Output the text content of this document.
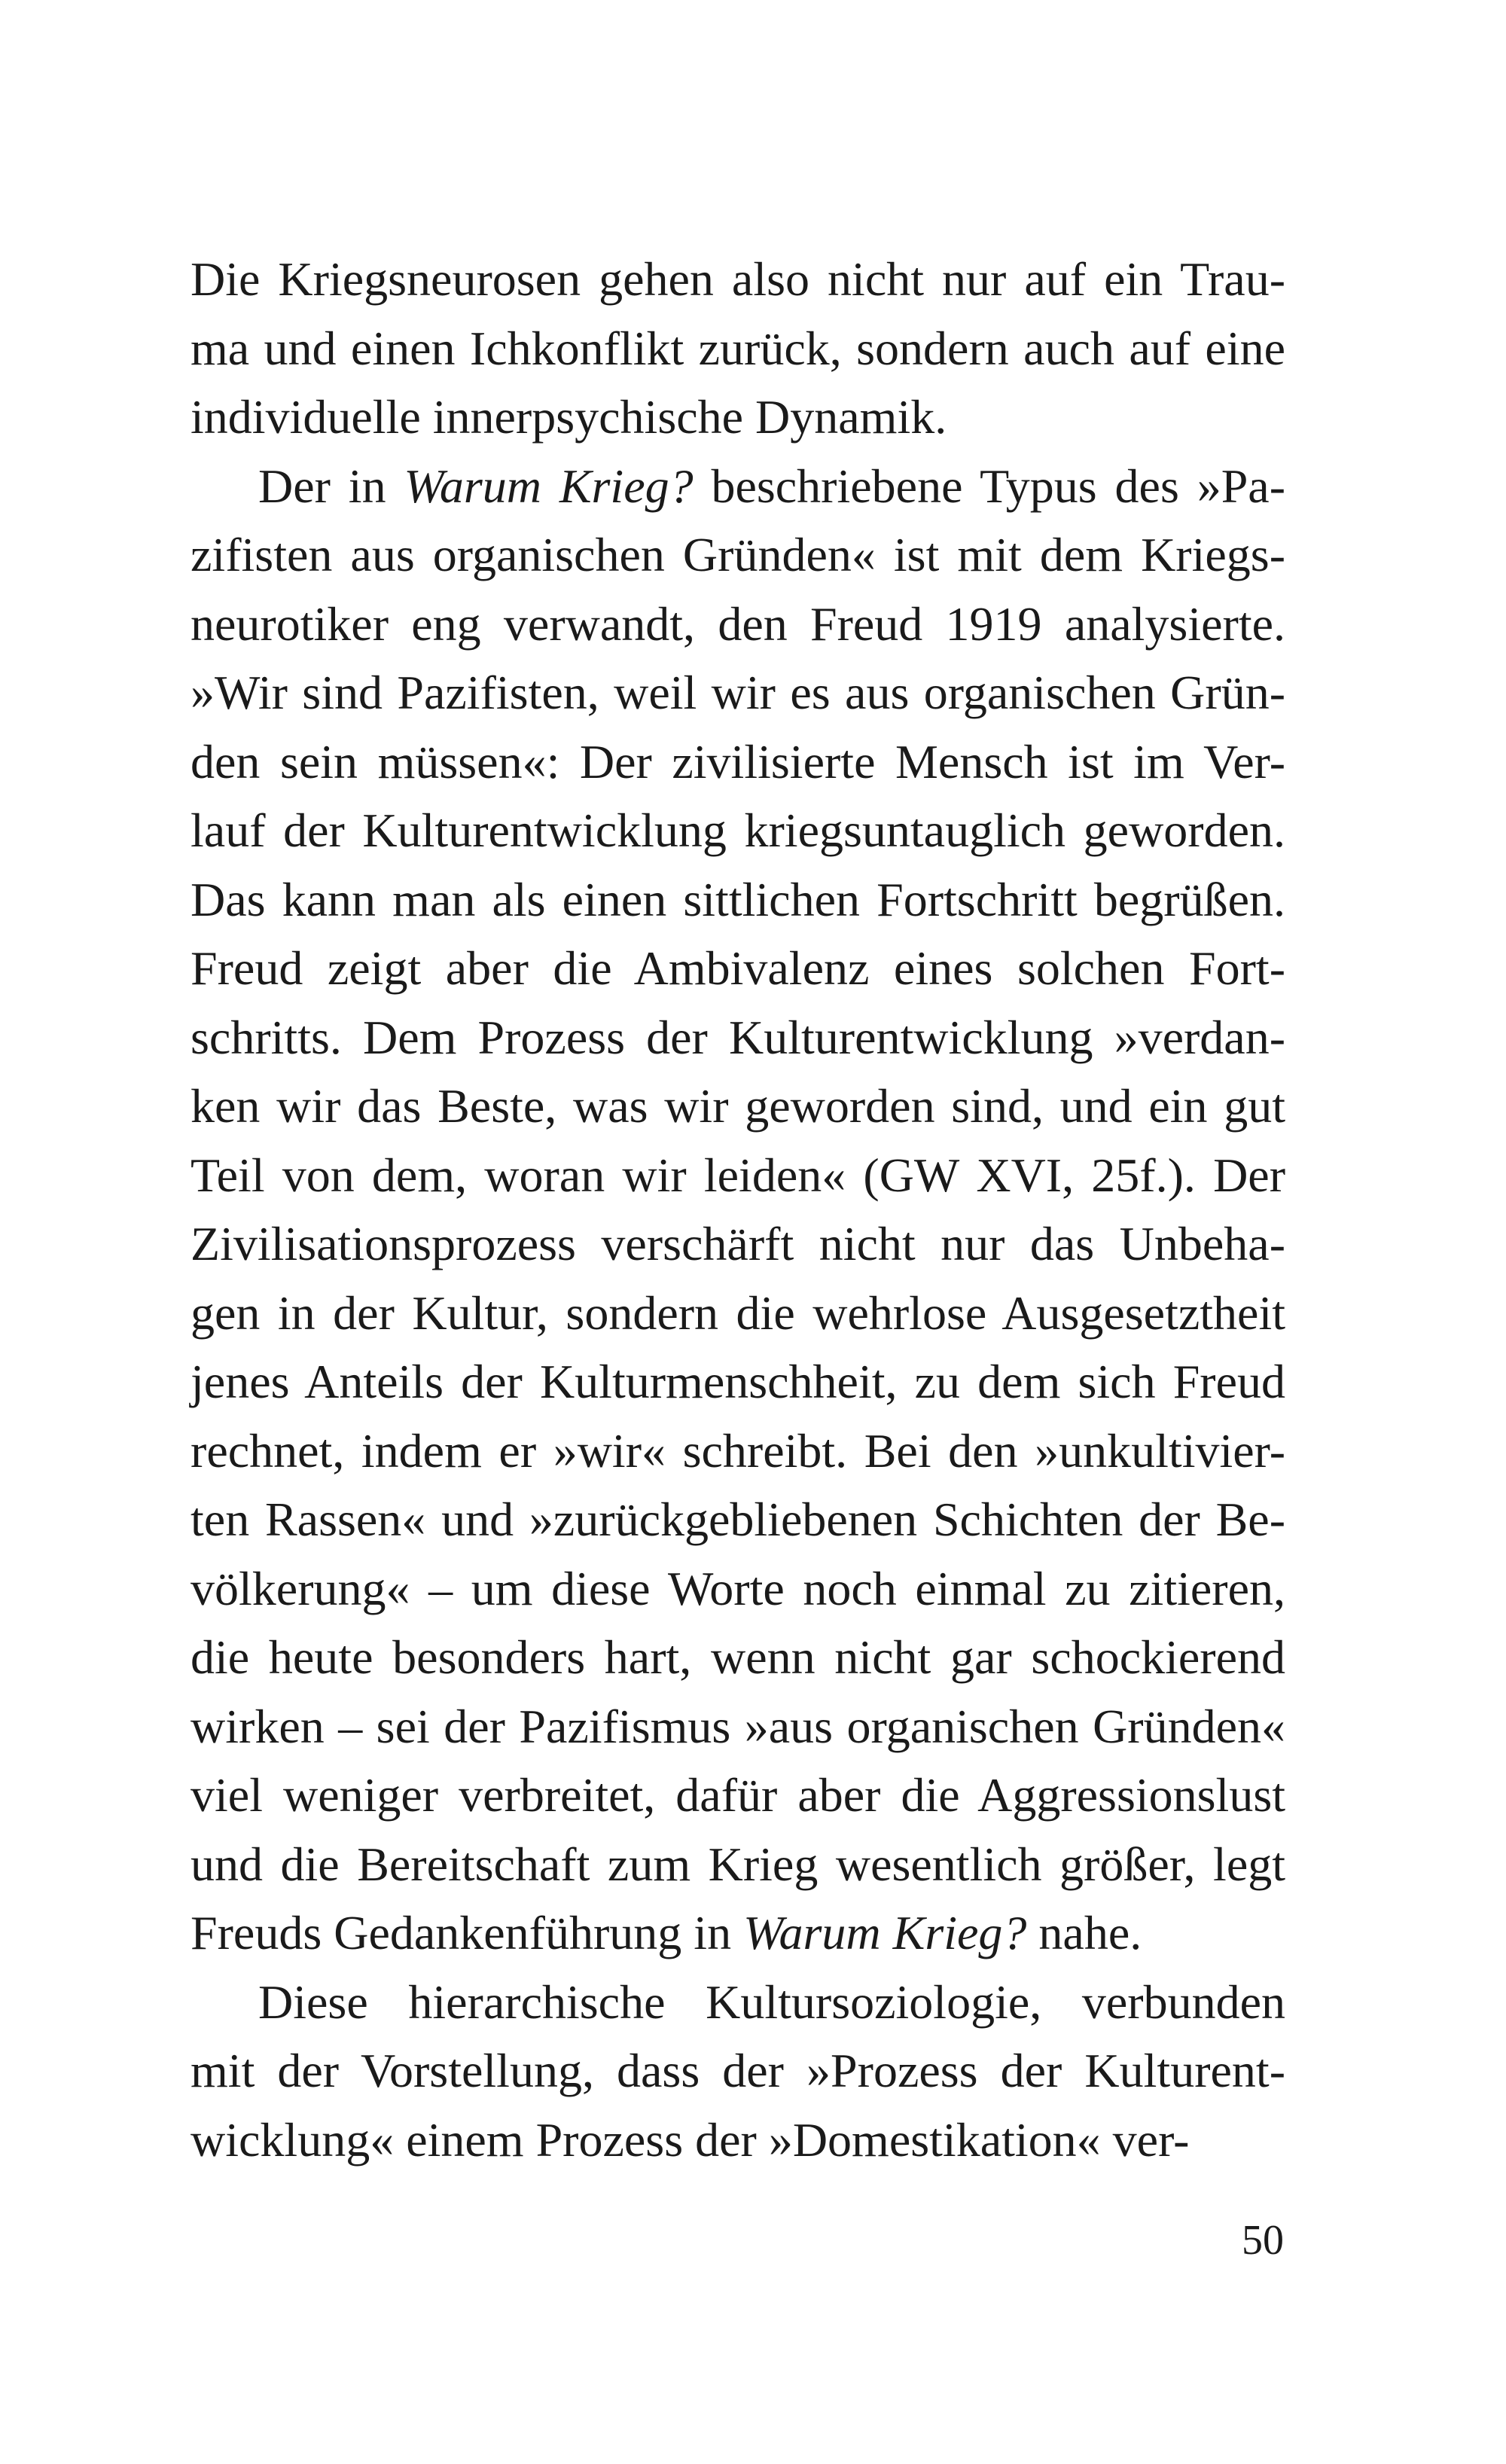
Die Kriegsneurosen gehen also nicht nur auf ein Trau-
ma und einen Ichkonflikt zurück, sondern auch auf eine
individuelle innerpsychische Dynamik.
Der in Warum Krieg? beschriebene Typus des »Pa-
zifisten aus organischen Gründen« ist mit dem Kriegs-
neurotiker eng verwandt, den Freud 1919 analysierte.
»Wir sind Pazifisten, weil wir es aus organischen Grün-
den sein müssen«: Der zivilisierte Mensch ist im Ver-
lauf der Kulturentwicklung kriegsuntauglich geworden.
Das kann man als einen sittlichen Fortschritt begrüßen.
Freud zeigt aber die Ambivalenz eines solchen Fort-
schritts. Dem Prozess der Kulturentwicklung »verdan-
ken wir das Beste, was wir geworden sind, und ein gut
Teil von dem, woran wir leiden« (GW XVI, 25f.). Der
Zivilisationsprozess verschärft nicht nur das Unbeha-
gen in der Kultur, sondern die wehrlose Ausgesetztheit
jenes Anteils der Kulturmenschheit, zu dem sich Freud
rechnet, indem er »wir« schreibt. Bei den »unkultivier-
ten Rassen« und »zurückgebliebenen Schichten der Be-
völkerung« – um diese Worte noch einmal zu zitieren,
die heute besonders hart, wenn nicht gar schockierend
wirken – sei der Pazifismus »aus organischen Gründen«
viel weniger verbreitet, dafür aber die Aggressionslust
und die Bereitschaft zum Krieg wesentlich größer, legt
Freuds Gedankenführung in Warum Krieg? nahe.
Diese hierarchische Kultursoziologie, verbunden
mit der Vorstellung, dass der »Prozess der Kulturent-
wicklung« einem Prozess der »Domestikation« ver-
50
